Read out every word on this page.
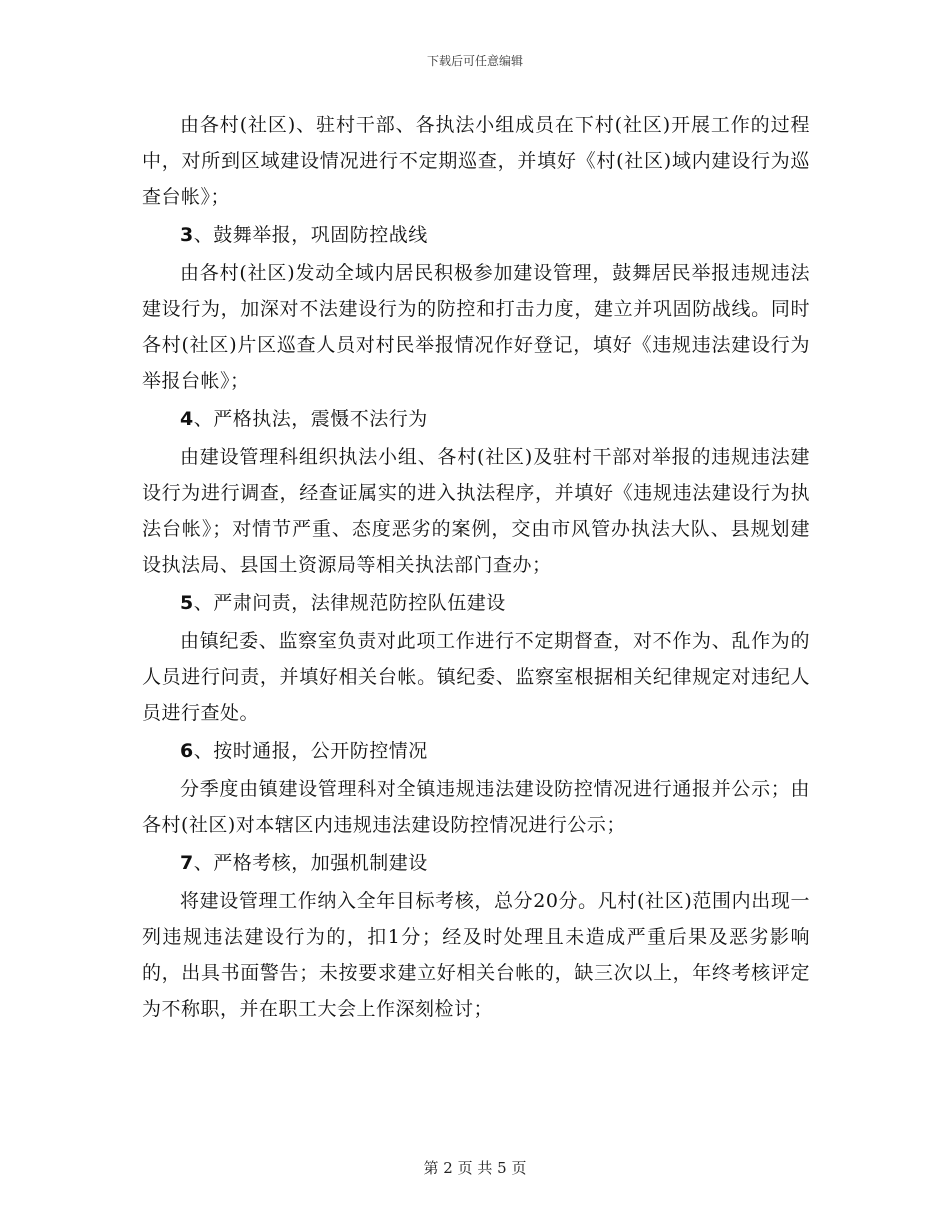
下载后可任意编辑

由各村(社区)、驻村干部、各执法小组成员在下村(社区)开展工作的过程中，对所到区域建设情况进行不定期巡查，并填好《村(社区)域内建设行为巡查台帐》；

3、鼓舞举报，巩固防控战线

由各村(社区)发动全域内居民积极参加建设管理，鼓舞居民举报违规违法建设行为，加深对不法建设行为的防控和打击力度，建立并巩固防战线。同时各村(社区)片区巡查人员对村民举报情况作好登记，填好《违规违法建设行为举报台帐》；

4、严格执法，震慑不法行为

由建设管理科组织执法小组、各村(社区)及驻村干部对举报的违规违法建设行为进行调查，经查证属实的进入执法程序，并填好《违规违法建设行为执法台帐》；对情节严重、态度恶劣的案例，交由市风管办执法大队、县规划建设执法局、县国土资源局等相关执法部门查办；

5、严肃问责，法律规范防控队伍建设

由镇纪委、监察室负责对此项工作进行不定期督查，对不作为、乱作为的人员进行问责，并填好相关台帐。镇纪委、监察室根据相关纪律规定对违纪人员进行查处。

6、按时通报，公开防控情况

分季度由镇建设管理科对全镇违规违法建设防控情况进行通报并公示；由各村(社区)对本辖区内违规违法建设防控情况进行公示；

7、严格考核，加强机制建设

将建设管理工作纳入全年目标考核，总分20分。凡村(社区)范围内出现一列违规违法建设行为的，扣1分；经及时处理且未造成严重后果及恶劣影响的，出具书面警告；未按要求建立好相关台帐的，缺三次以上，年终考核评定为不称职，并在职工大会上作深刻检讨；

第 2 页 共 5 页
